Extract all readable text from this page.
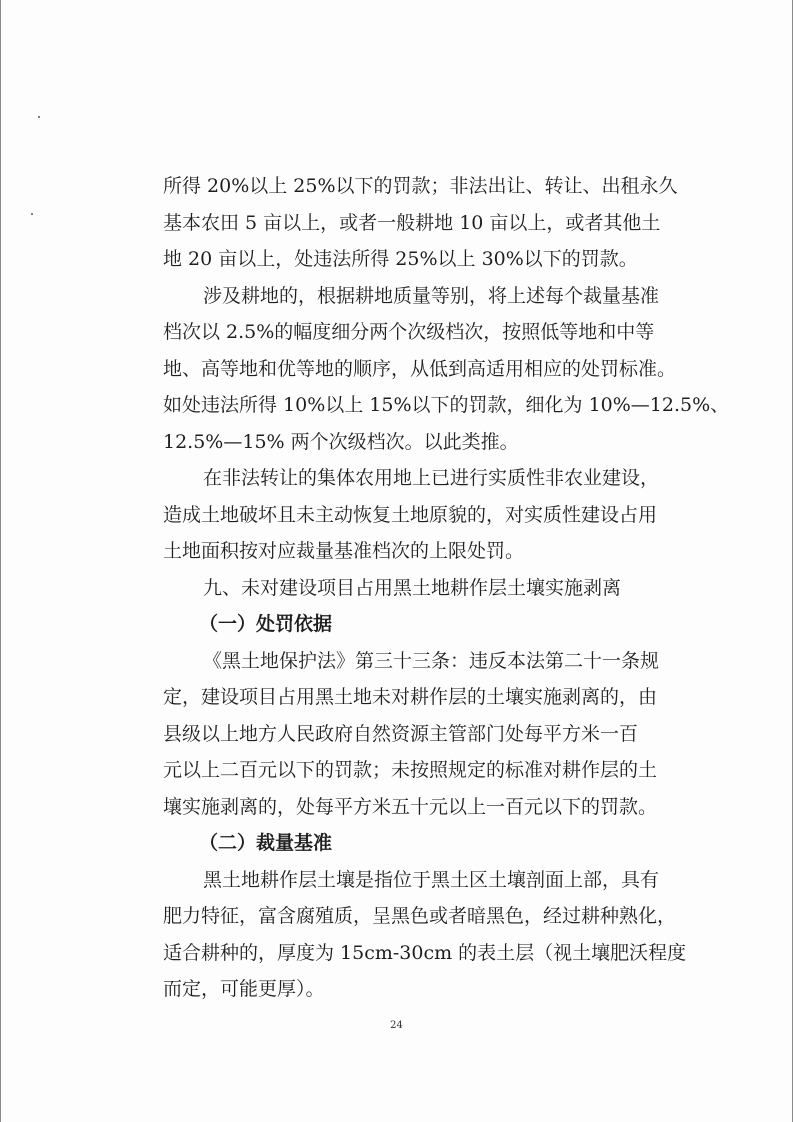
所得 20%以上 25%以下的罚款；非法出让、转让、出租永久
基本农田 5 亩以上，或者一般耕地 10 亩以上，或者其他土
地 20 亩以上，处违法所得 25%以上 30%以下的罚款。
涉及耕地的，根据耕地质量等别，将上述每个裁量基准
档次以 2.5%的幅度细分两个次级档次，按照低等地和中等
地、高等地和优等地的顺序，从低到高适用相应的处罚标准。
如处违法所得 10%以上 15%以下的罚款，细化为 10%—12.5%、
12.5%—15% 两个次级档次。以此类推。
在非法转让的集体农用地上已进行实质性非农业建设，
造成土地破坏且未主动恢复土地原貌的，对实质性建设占用
土地面积按对应裁量基准档次的上限处罚。
九、未对建设项目占用黑土地耕作层土壤实施剥离
（一）处罚依据
《黑土地保护法》第三十三条：违反本法第二十一条规
定，建设项目占用黑土地未对耕作层的土壤实施剥离的，由
县级以上地方人民政府自然资源主管部门处每平方米一百
元以上二百元以下的罚款；未按照规定的标准对耕作层的土
壤实施剥离的，处每平方米五十元以上一百元以下的罚款。
（二）裁量基准
黑土地耕作层土壤是指位于黑土区土壤剖面上部，具有
肥力特征，富含腐殖质，呈黑色或者暗黑色，经过耕种熟化，
适合耕种的，厚度为 15cm-30cm 的表土层（视土壤肥沃程度
而定，可能更厚）。
24
